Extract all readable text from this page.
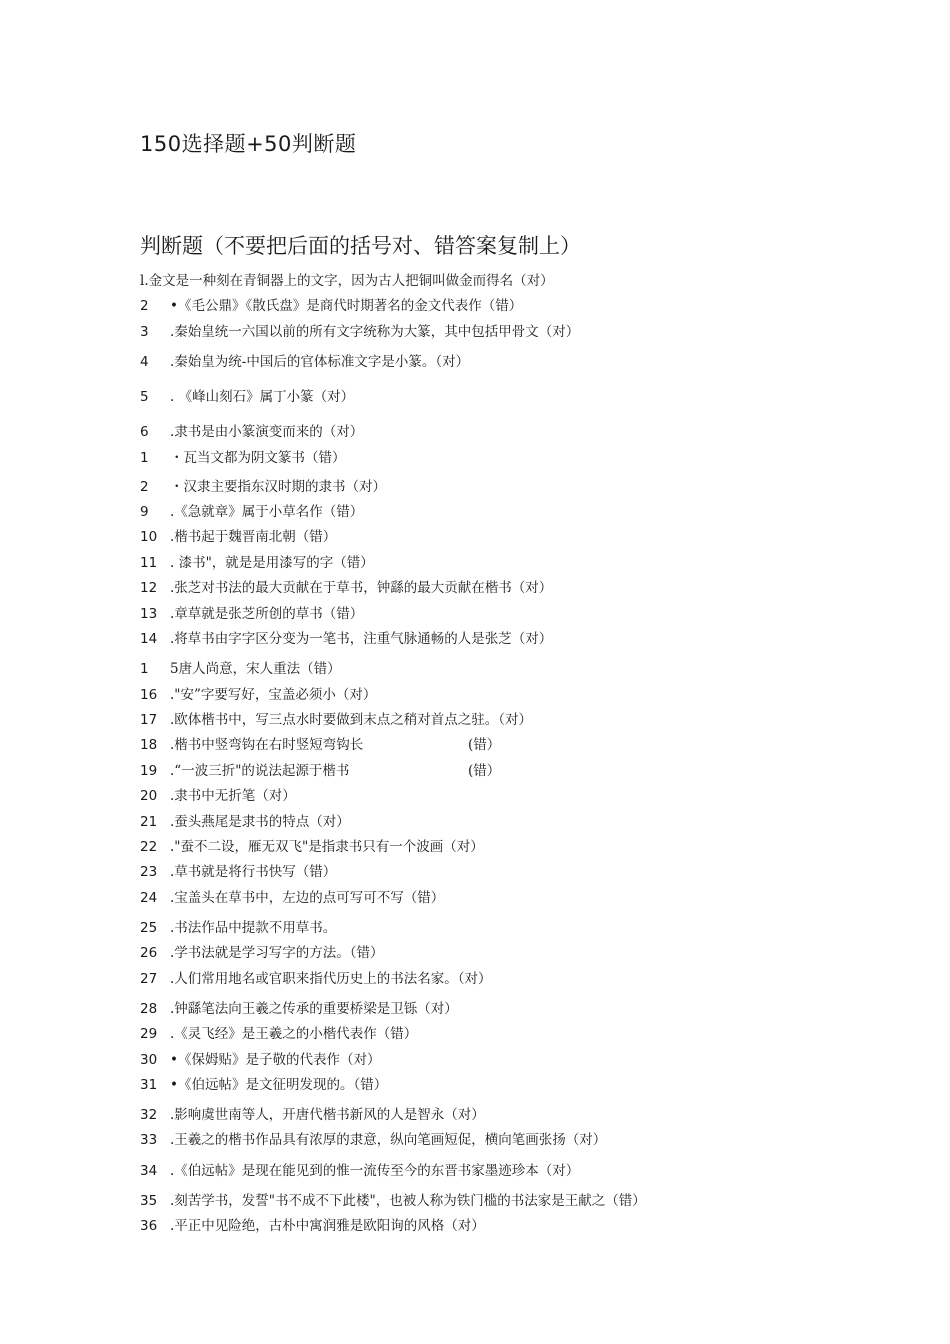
150选择题+50判断题
判断题（不要把后面的括号对、错答案复制上）
l.金文是一种刻在青铜器上的文字，因为古人把铜叫做金而得名（对）
2 •《毛公鼎》《散氏盘》是商代时期著名的金文代表作（错）
3 .秦始皇统一六国以前的所有文字统称为大篆，其中包括甲骨文（对）
4 .秦始皇为统-中国后的官体标准文字是小篆。（对）
5 . 《峰山刻石》属丁小篆（对）
6 .隶书是由小篆演变而来的（对）
1 ・瓦当文都为阴文篆书（错）
2 ・汉隶主要指东汉时期的隶书（对）
9 .《急就章》属于小草名作（错）
10 .楷书起于魏晋南北朝（错）
11 . 漆书"，就是是用漆写的字（错）
12 .张芝对书法的最大贡献在于草书，钟繇的最大贡献在楷书（对）
13 .章草就是张芝所创的草书（错）
14 .将草书由字字区分变为一笔书，注重气脉通畅的人是张芝（对）
1 5唐人尚意，宋人重法（错）
16 ."安”字要写好，宝盖必须小（对）
17 .欧体楷书中，写三点水时要做到末点之稍对首点之驻。（对）
18 .楷书中竖弯钩在右时竖短弯钩长	(错）
19 .“一波三折"的说法起源于楷书	(错）
20 .隶书中无折笔（对）
21 .蚕头燕尾是隶书的特点（对）
22 ."蚕不二设，雁无双飞"是指隶书只有一个波画（对）
23 .草书就是将行书快写（错）
24 .宝盖头在草书中，左边的点可写可不写（错）
25 .书法作品中提款不用草书。
26 .学书法就是学习写字的方法。（错）
27 .人们常用地名或官职来指代历史上的书法名家。（对）
28 .钟繇笔法向王羲之传承的重要桥梁是卫铄（对）
29 .《灵飞经》是王羲之的小楷代表作（错）
30 •《保姆贴》是子敬的代表作（对）
31 •《伯远帖》是文征明发现的。（错）
32 .影响虞世南等人，开唐代楷书新风的人是智永（对）
33 .王羲之的楷书作品具有浓厚的隶意，纵向笔画短促，横向笔画张扬（对）
34 .《伯远帖》是现在能见到的惟一流传至今的东晋书家墨迹珍本（对）
35 .刻苦学书，发誓"书不成不下此楼"，也被人称为铁门槛的书法家是王献之（错）
36 .平正中见险绝，古朴中寓润雅是欧阳询的风格（对）
